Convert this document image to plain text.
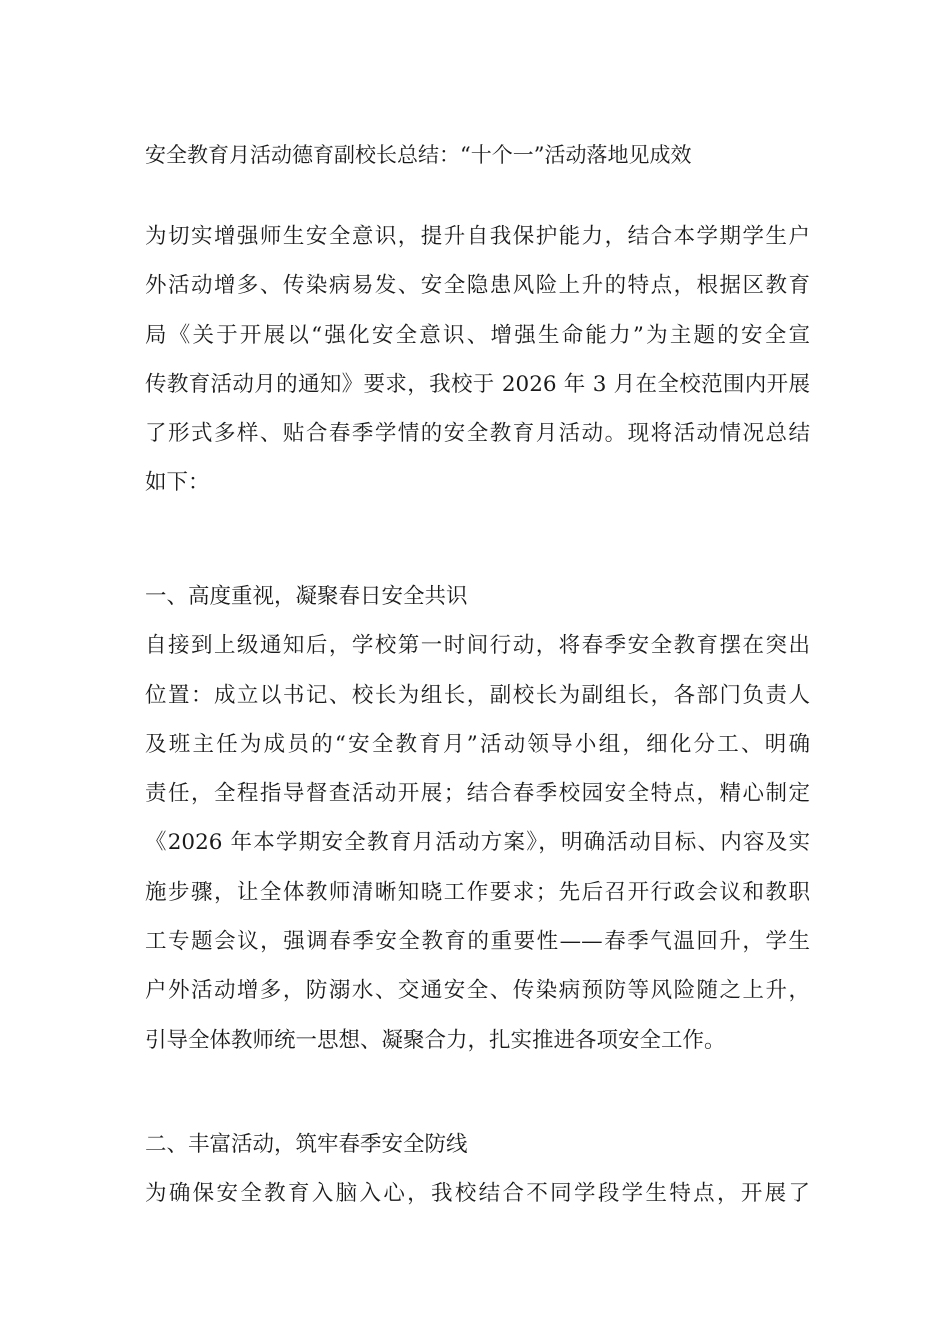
安全教育月活动德育副校长总结：“十个一”活动落地见成效
为切实增强师生安全意识，提升自我保护能力，结合本学期学生户
外活动增多、传染病易发、安全隐患风险上升的特点，根据区教育
局《关于开展以“强化安全意识、增强生命能力”为主题的安全宣
传教育活动月的通知》要求，我校于 2026 年 3 月在全校范围内开展
了形式多样、贴合春季学情的安全教育月活动。现将活动情况总结
如下：
一、高度重视，凝聚春日安全共识
自接到上级通知后，学校第一时间行动，将春季安全教育摆在突出
位置：成立以书记、校长为组长，副校长为副组长，各部门负责人
及班主任为成员的“安全教育月”活动领导小组，细化分工、明确
责任，全程指导督查活动开展；结合春季校园安全特点，精心制定
《2026 年本学期安全教育月活动方案》，明确活动目标、内容及实
施步骤，让全体教师清晰知晓工作要求；先后召开行政会议和教职
工专题会议，强调春季安全教育的重要性——春季气温回升，学生
户外活动增多，防溺水、交通安全、传染病预防等风险随之上升，
引导全体教师统一思想、凝聚合力，扎实推进各项安全工作。
二、丰富活动，筑牢春季安全防线
为确保安全教育入脑入心，我校结合不同学段学生特点，开展了
